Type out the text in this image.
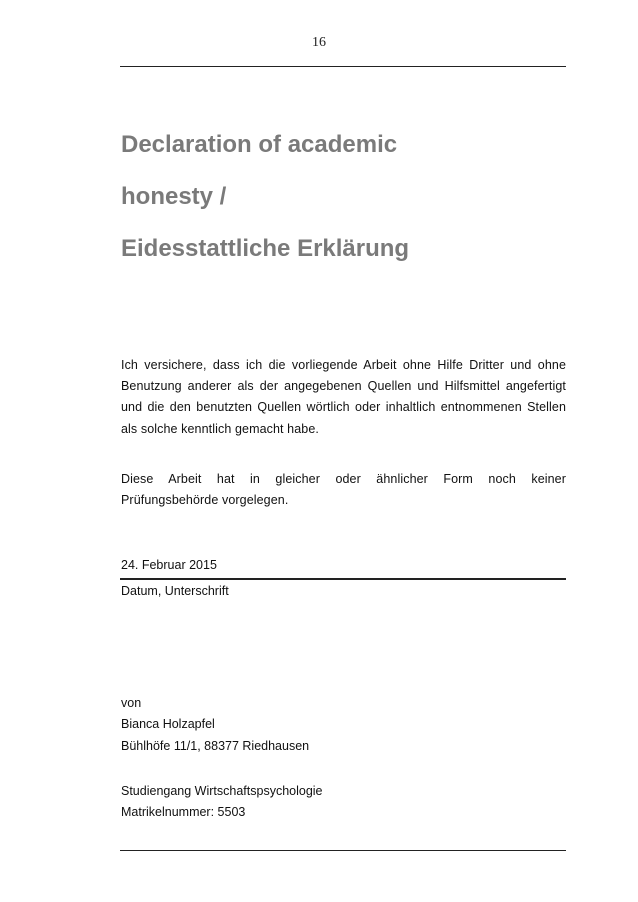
16
Declaration of academic
honesty /
Eidesstattliche Erklärung
Ich versichere, dass ich die vorliegende Arbeit ohne Hilfe Dritter und ohne Benutzung anderer als der angegebenen Quellen und Hilfsmittel angefertigt und die den benutzten Quellen wörtlich oder inhaltlich entnommenen Stellen als solche kenntlich gemacht habe.
Diese Arbeit hat in gleicher oder ähnlicher Form noch keiner
Prüfungsbehörde vorgelegen.
24. Februar 2015
Datum, Unterschrift
von
Bianca Holzapfel
Bühlhöfe 11/1, 88377 Riedhausen
Studiengang Wirtschaftspsychologie
Matrikelnummer: 5503
